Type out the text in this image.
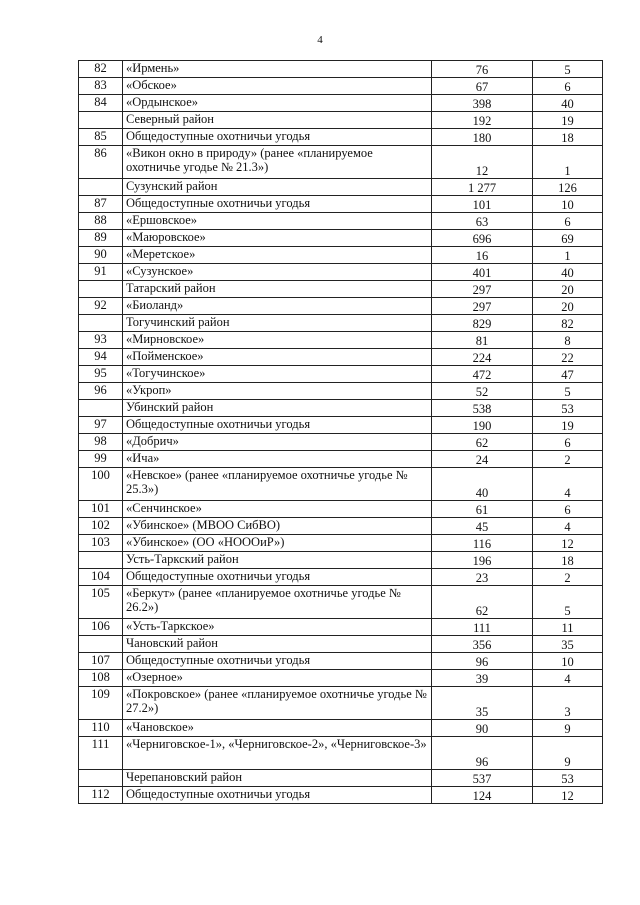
4
82	«Ирмень»	76	5
83	«Обское»	67	6
84	«Ордынское»	398	40
	Северный район	192	19
85	Общедоступные охотничьи угодья	180	18
86	«Викон окно в природу» (ранее «планируемое охотничье угодье № 21.3»)	12	1
	Сузунский район	1 277	126
87	Общедоступные охотничьи угодья	101	10
88	«Ершовское»	63	6
89	«Маюровское»	696	69
90	«Меретское»	16	1
91	«Сузунское»	401	40
	Татарский район	297	20
92	«Биоланд»	297	20
	Тогучинский район	829	82
93	«Мирновское»	81	8
94	«Пойменское»	224	22
95	«Тогучинское»	472	47
96	«Укроп»	52	5
	Убинский район	538	53
97	Общедоступные охотничьи угодья	190	19
98	«Добрич»	62	6
99	«Ича»	24	2
100	«Невское» (ранее «планируемое охотничье угодье № 25.3»)	40	4
101	«Сенчинское»	61	6
102	«Убинское» (МВОО СибВО)	45	4
103	«Убинское» (ОО «НОООиР»)	116	12
	Усть-Таркский район	196	18
104	Общедоступные охотничьи угодья	23	2
105	«Беркут» (ранее «планируемое охотничье угодье № 26.2»)	62	5
106	«Усть-Таркское»	111	11
	Чановский район	356	35
107	Общедоступные охотничьи угодья	96	10
108	«Озерное»	39	4
109	«Покровское» (ранее «планируемое охотничье угодье № 27.2»)	35	3
110	«Чановское»	90	9
111	«Черниговское-1», «Черниговское-2», «Черниговское-3»	96	9
	Черепановский район	537	53
112	Общедоступные охотничьи угодья	124	12
